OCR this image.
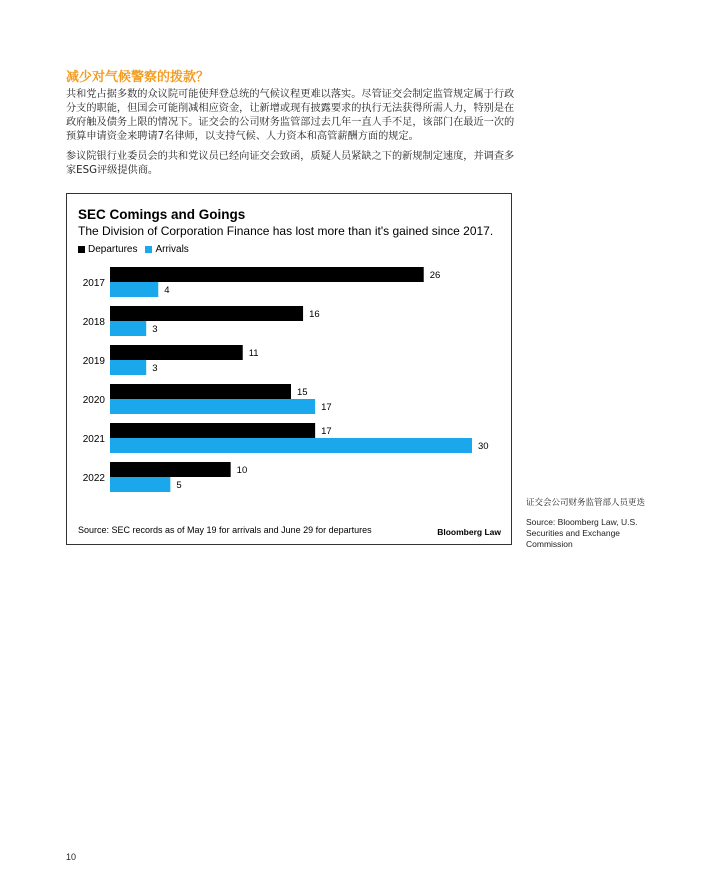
减少对气候警察的拨款？
共和党占据多数的众议院可能使拜登总统的气候议程更难以落实。尽管证交会制定监管规定属于行政分支的职能，但国会可能削减相应资金，让新增或现有披露要求的执行无法获得所需人力，特别是在政府触及债务上限的情况下。证交会的公司财务监管部过去几年一直人手不足，该部门在最近一次的预算申请资金来聘请7名律师，以支持气候、人力资本和高管薪酬方面的规定。
参议院银行业委员会的共和党议员已经向证交会致函，质疑人员紧缺之下的新规制定速度，并调查多家ESG评级提供商。
SEC Comings and Goings
The Division of Corporation Finance has lost more than it's gained since 2017.
Departures Arrivals
2017
26
4
2018
16
3
2019
11
3
2020
15
17
2021
17
30
2022
10
5
Source: SEC records as of May 19 for arrivals and June 29 for departures	Bloomberg Law
证交会公司财务监管部人员更迭
Source: Bloomberg Law, U.S. Securities and Exchange Commission
10
